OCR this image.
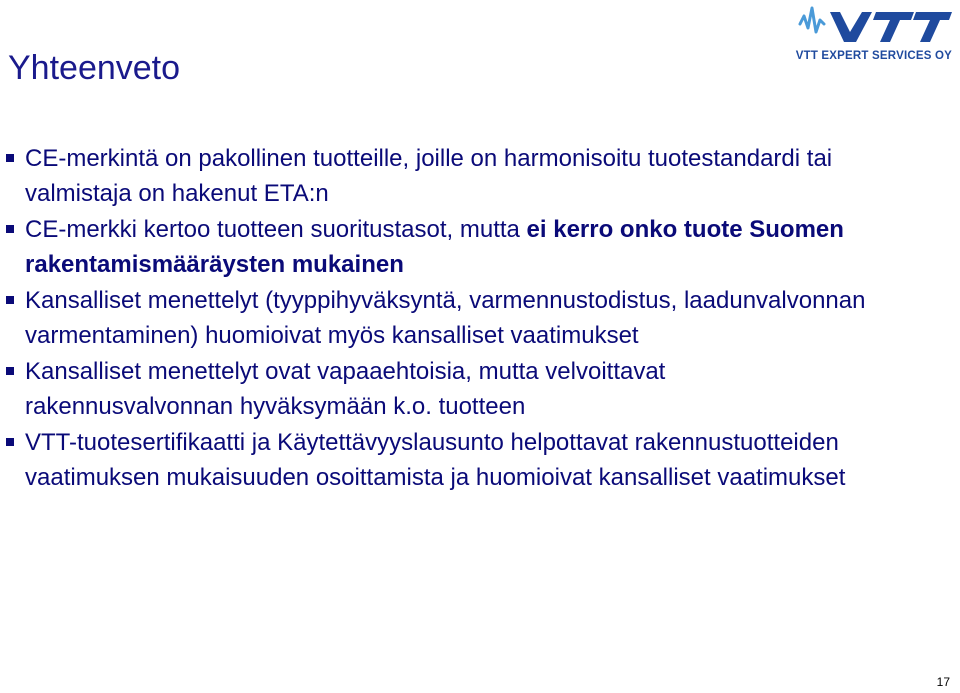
Yhteenveto	VTT EXPERT SERVICES OY
CE-merkintä on pakollinen tuotteille, joille on harmonisoitu tuotestandardi tai valmistaja on hakenut ETA:n
CE-merkki kertoo tuotteen suoritustasot, mutta ei kerro onko tuote Suomen rakentamismääräysten mukainen
Kansalliset menettelyt (tyyppihyväksyntä, varmennustodistus, laadunvalvonnan varmentaminen) huomioivat myös kansalliset vaatimukset
Kansalliset menettelyt ovat vapaaehtoisia, mutta velvoittavat rakennusvalvonnan hyväksymään k.o. tuotteen
VTT-tuotesertifikaatti ja Käytettävyyslausunto helpottavat rakennustuotteiden vaatimuksen mukaisuuden osoittamista ja huomioivat kansalliset vaatimukset
17
